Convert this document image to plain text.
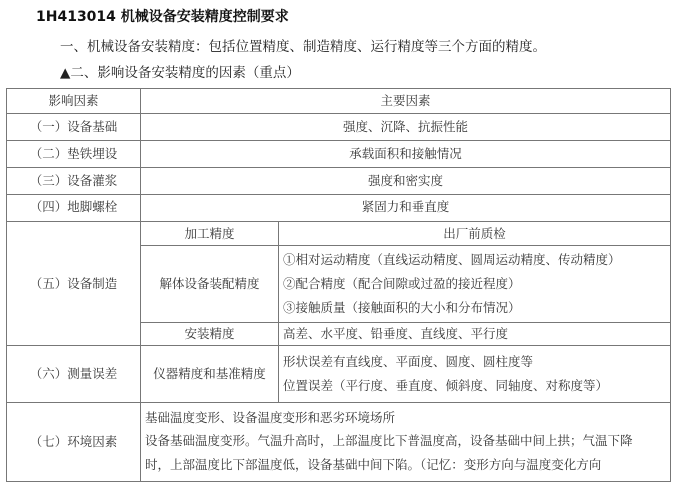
1H413014 机械设备安装精度控制要求
一、机械设备安装精度：包括位置精度、制造精度、运行精度等三个方面的精度。
▲二、影响设备安装精度的因素（重点）
影响因素	主要因素	
（一）设备基础	强度、沉降、抗振性能	
（二）垫铁埋设	承载面积和接触情况	
（三）设备灌浆	强度和密实度	
（四）地脚螺栓	紧固力和垂直度	
（五）设备制造	加工精度	出厂前质检
	解体设备装配精度	①相对运动精度（直线运动精度、圆周运动精度、传动精度）
②配合精度（配合间隙或过盈的接近程度）
③接触质量（接触面积的大小和分布情况）

	安装精度	高差、水平度、铅垂度、直线度、平行度
（六）测量误差	仪器精度和基准精度	形状误差有直线度、平面度、圆度、圆柱度等
位置误差（平行度、垂直度、倾斜度、同轴度、对称度等）

（七）环境因素	基础温度变形、设备温度变形和恶劣环境场所
设备基础温度变形。气温升高时，上部温度比下普温度高，设备基础中间上拱；气温下降
时，上部温度比下部温度低，设备基础中间下陷。（记忆：变形方向与温度变化方向	
